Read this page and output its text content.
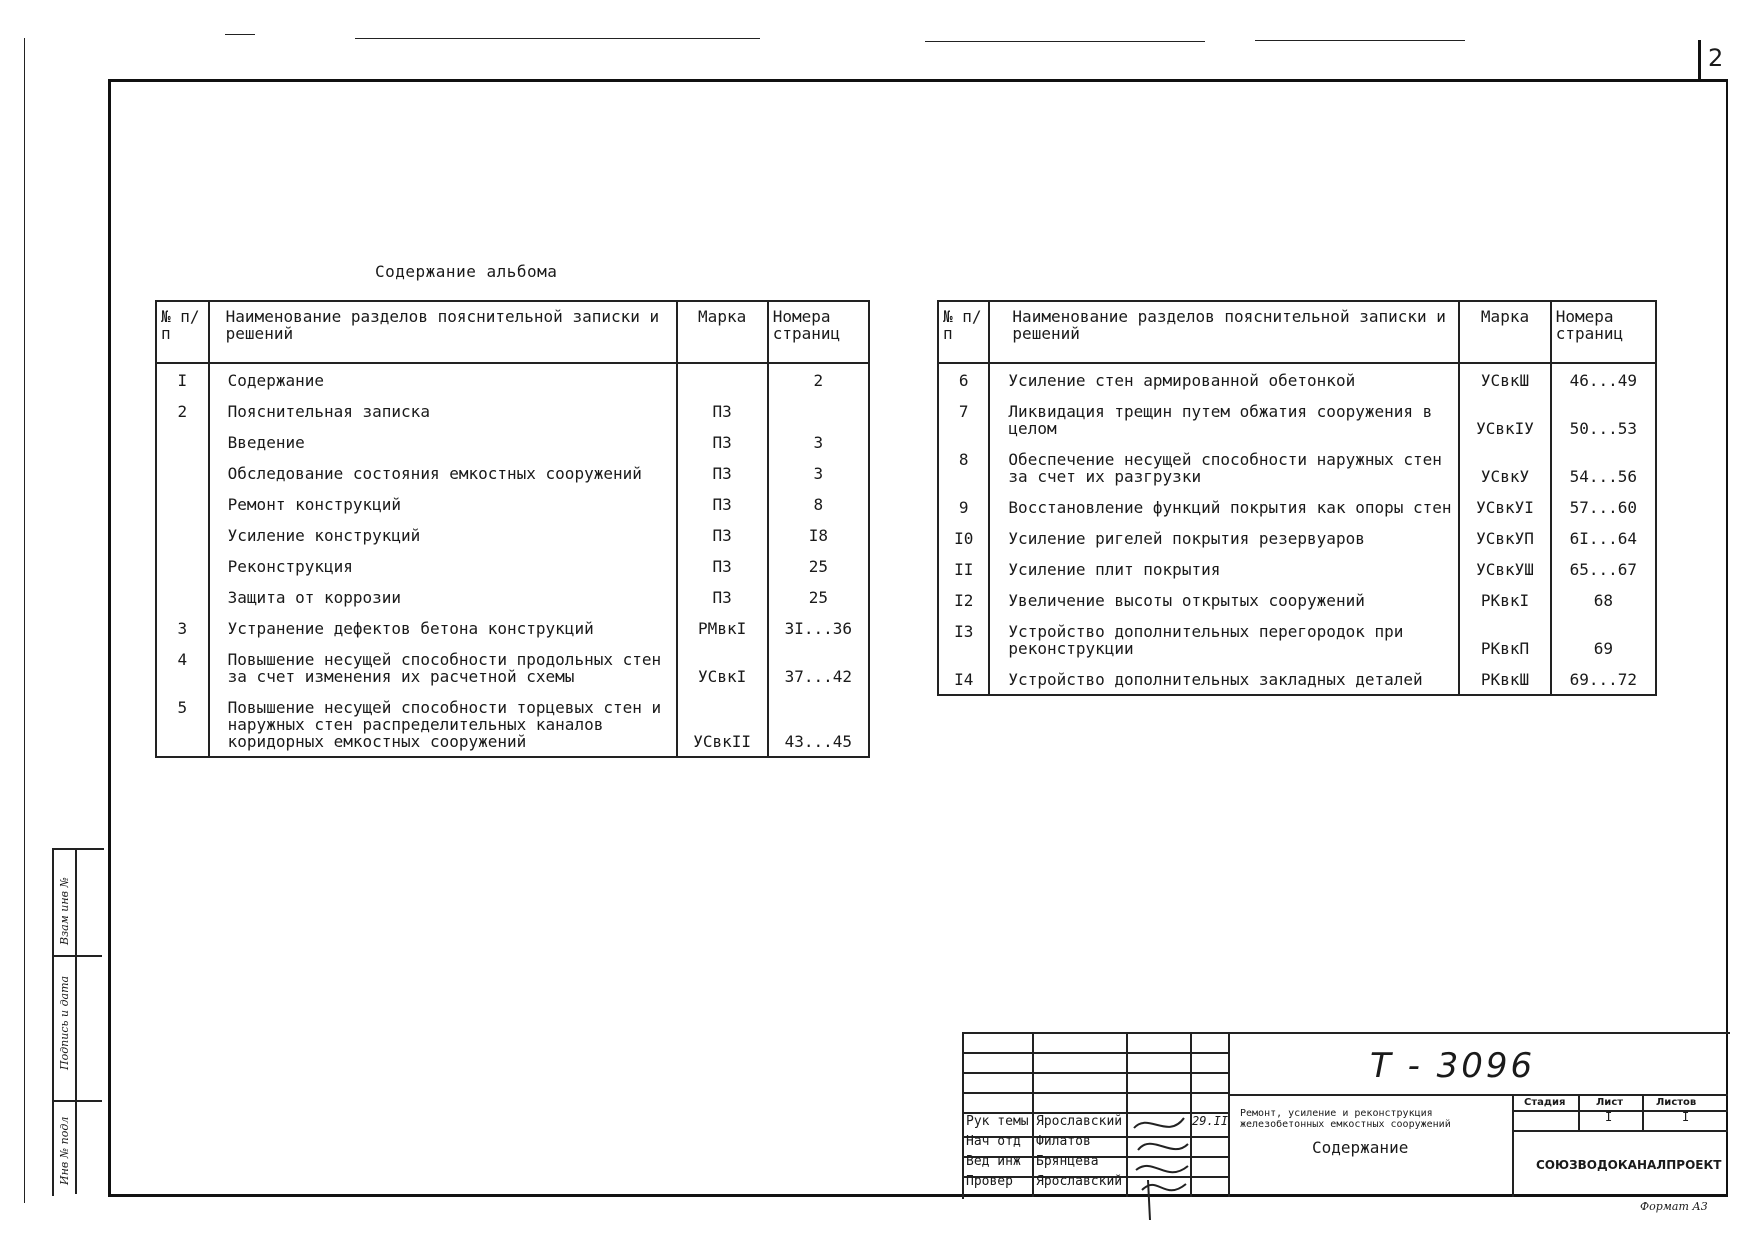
2
Содержание альбома
№ п/п	Наименование разделов пояснительной записки и решений	Марка	Номера страниц
I	Содержание		2
2	Пояснительная записка	ПЗ	
	Введение	ПЗ	3
	Обследование состояния емкостных сооружений	ПЗ	3
	Ремонт конструкций	ПЗ	8
	Усиление конструкций	ПЗ	I8
	Реконструкция	ПЗ	25
	Защита от коррозии	ПЗ	25
3	Устранение дефектов бетона конструкций	РМвкI	3I...36
4	Повышение несущей способности продольных стен за счет изменения их расчетной схемы	УСвкI	37...42
5	Повышение несущей способности торцевых стен и наружных стен распределительных каналов коридорных емкостных сооружений	УСвкII	43...45
№ п/п	Наименование разделов пояснительной записки и решений	Марка	Номера страниц
6	Усиление стен армированной обетонкой	УСвкШ	46...49
7	Ликвидация трещин путем обжатия сооружения в целом	УСвкIУ	50...53
8	Обеспечение несущей способности наружных стен за счет их разгрузки	УСвкУ	54...56
9	Восстановление функций покрытия как опоры стен	УСвкУI	57...60
I0	Усиление ригелей покрытия резервуаров	УСвкУП	6I...64
II	Усиление плит покрытия	УСвкУШ	65...67
I2	Увеличение высоты открытых сооружений	РКвкI	68
I3	Устройство дополнительных перегородок при реконструкции	РКвкП	69
I4	Устройство дополнительных закладных деталей	РКвкШ	69...72
Взам инв №
Подпись и дата
Инв № подл
Т - 3096
Ремонт, усиление и реконструкция железобетонных емкостных сооружений
Содержание
Стадия	Лист	Листов
I	I
СОЮЗВОДОКАНАЛПРОЕКТ
Формат А3
29.ІІ
Рук темы Ярославский
Нач отд Филатов
Вед инж Брянцева
Провер Ярославский
